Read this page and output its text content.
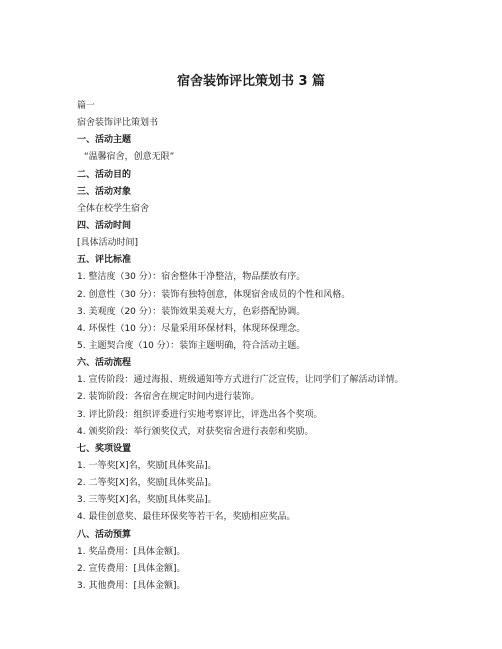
宿舍装饰评比策划书 3 篇
篇一
宿舍装饰评比策划书
一、活动主题
“温馨宿舍，创意无限”
二、活动目的
三、活动对象
全体在校学生宿舍
四、活动时间
[具体活动时间]
五、评比标准
1. 整洁度（30 分）：宿舍整体干净整洁，物品摆放有序。
2. 创意性（30 分）：装饰有独特创意，体现宿舍成员的个性和风格。
3. 美观度（20 分）：装饰效果美观大方，色彩搭配协调。
4. 环保性（10 分）：尽量采用环保材料，体现环保理念。
5. 主题契合度（10 分）：装饰主题明确，符合活动主题。
六、活动流程
1. 宣传阶段：通过海报、班级通知等方式进行广泛宣传，让同学们了解活动详情。
2. 装饰阶段：各宿舍在规定时间内进行装饰。
3. 评比阶段：组织评委进行实地考察评比，评选出各个奖项。
4. 颁奖阶段：举行颁奖仪式，对获奖宿舍进行表彰和奖励。
七、奖项设置
1. 一等奖[X]名，奖励[具体奖品]。
2. 二等奖[X]名，奖励[具体奖品]。
3. 三等奖[X]名，奖励[具体奖品]。
4. 最佳创意奖、最佳环保奖等若干名，奖励相应奖品。
八、活动预算
1. 奖品费用：[具体金额]。
2. 宣传费用：[具体金额]。
3. 其他费用：[具体金额]。
